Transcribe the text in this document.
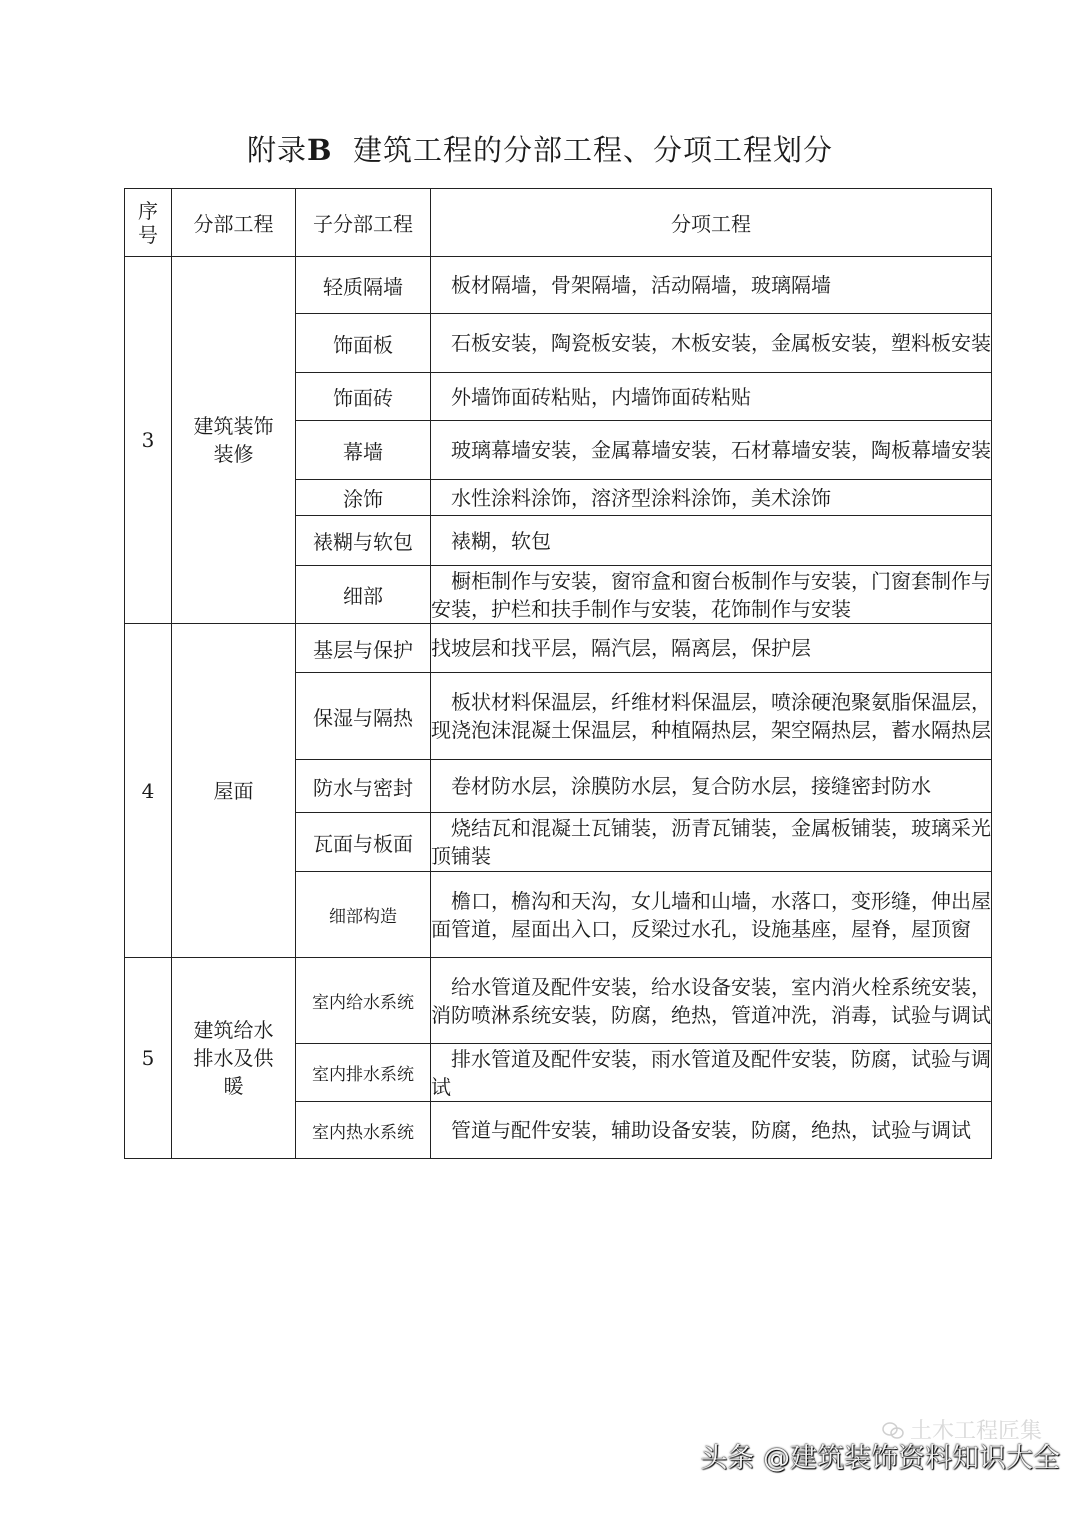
附录B 建筑工程的分部工程、分项工程划分
序号	分部工程	子分部工程	分项工程
3	建筑装饰装修	轻质隔墙	板材隔墙，骨架隔墙，活动隔墙，玻璃隔墙
		饰面板	石板安装，陶瓷板安装，木板安装，金属板安装，塑料板安装
		饰面砖	外墙饰面砖粘贴，内墙饰面砖粘贴
		幕墙	玻璃幕墙安装，金属幕墙安装，石材幕墙安装，陶板幕墙安装
		涂饰	水性涂料涂饰，溶济型涂料涂饰，美术涂饰
		裱糊与软包	裱糊，软包
		细部	橱柜制作与安装，窗帘盒和窗台板制作与安装，门窗套制作与安装，护栏和扶手制作与安装，花饰制作与安装
4	屋面	基层与保护	找坡层和找平层，隔汽层，隔离层，保护层
		保湿与隔热	板状材料保温层，纤维材料保温层，喷涂硬泡聚氨脂保温层，现浇泡沫混凝土保温层，种植隔热层，架空隔热层，蓄水隔热层
		防水与密封	卷材防水层，涂膜防水层，复合防水层，接缝密封防水
		瓦面与板面	烧结瓦和混凝土瓦铺装，沥青瓦铺装，金属板铺装，玻璃采光顶铺装
		细部构造	檐口，檐沟和天沟，女儿墙和山墙，水落口，变形缝，伸出屋面管道，屋面出入口，反梁过水孔，设施基座，屋脊，屋顶窗
5	建筑给水排水及供暖	室内给水系统	给水管道及配件安装，给水设备安装，室内消火栓系统安装，消防喷淋系统安装，防腐，绝热，管道冲洗，消毒，试验与调试
		室内排水系统	排水管道及配件安装，雨水管道及配件安装，防腐，试验与调试
		室内热水系统	管道与配件安装，辅助设备安装，防腐，绝热，试验与调试
土木工程匠集
头条 @建筑装饰资料知识大全
